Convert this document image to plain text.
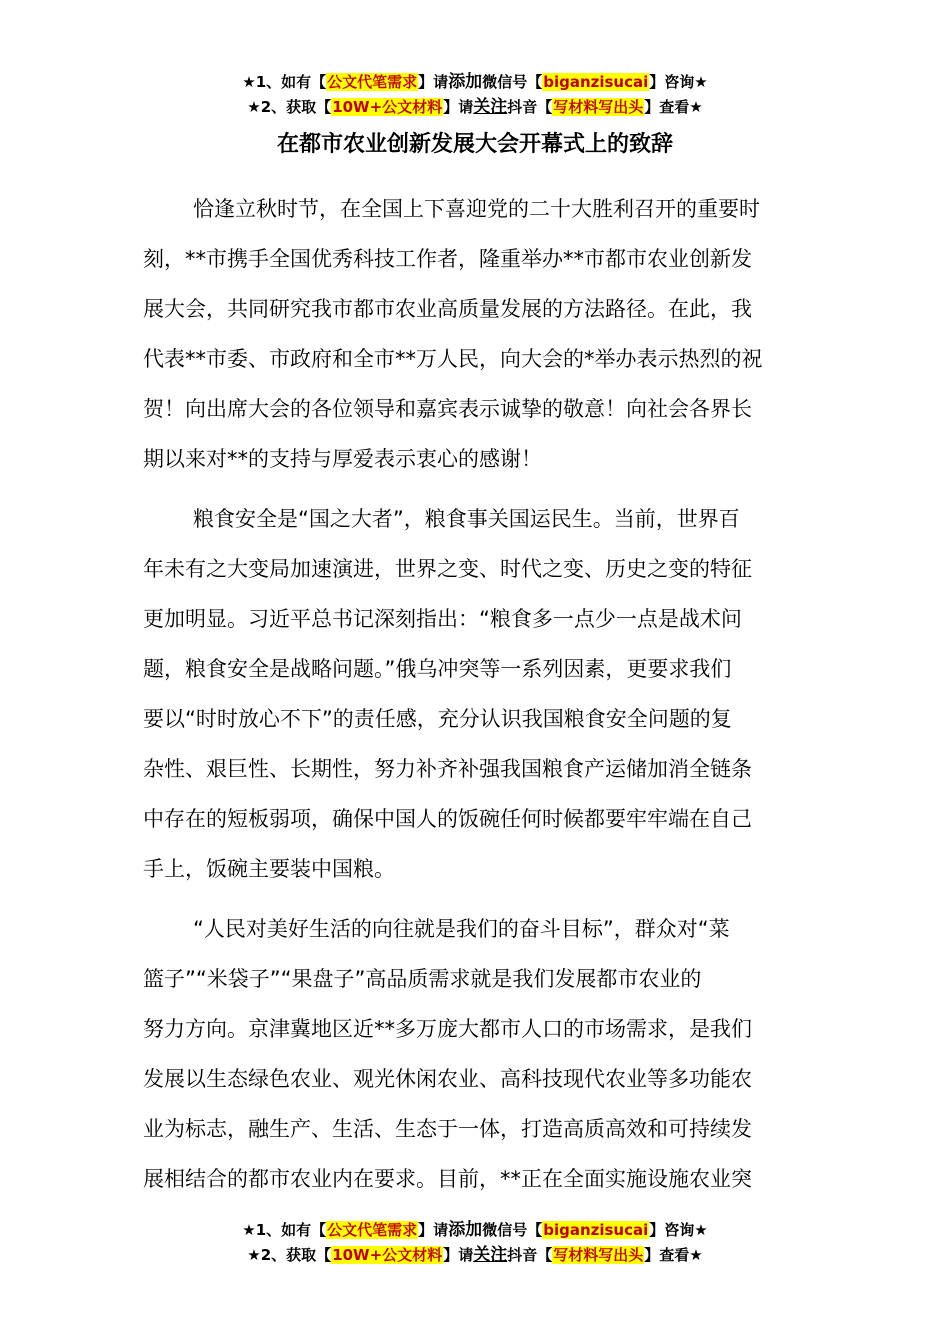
★1、如有【公文代笔需求】请添加微信号【biganzisucai】咨询★
★2、获取【10W+公文材料】请关注抖音【写材料写出头】查看★
在都市农业创新发展大会开幕式上的致辞
恰逢立秋时节，在全国上下喜迎党的二十大胜利召开的重要时
刻，**市携手全国优秀科技工作者，隆重举办**市都市农业创新发
展大会，共同研究我市都市农业高质量发展的方法路径。在此，我
代表**市委、市政府和全市**万人民，向大会的*举办表示热烈的祝
贺！向出席大会的各位领导和嘉宾表示诚挚的敬意！向社会各界长
期以来对**的支持与厚爱表示衷心的感谢！
粮食安全是“国之大者”，粮食事关国运民生。当前，世界百
年未有之大变局加速演进，世界之变、时代之变、历史之变的特征
更加明显。习近平总书记深刻指出：“粮食多一点少一点是战术问
题，粮食安全是战略问题。”俄乌冲突等一系列因素，更要求我们
要以“时时放心不下”的责任感，充分认识我国粮食安全问题的复
杂性、艰巨性、长期性，努力补齐补强我国粮食产运储加消全链条
中存在的短板弱项，确保中国人的饭碗任何时候都要牢牢端在自己
手上，饭碗主要装中国粮。
“人民对美好生活的向往就是我们的奋斗目标”，群众对“菜
篮子”“米袋子”“果盘子”高品质需求就是我们发展都市农业的
努力方向。京津冀地区近**多万庞大都市人口的市场需求，是我们
发展以生态绿色农业、观光休闲农业、高科技现代农业等多功能农
业为标志，融生产、生活、生态于一体，打造高质高效和可持续发
展相结合的都市农业内在要求。目前，**正在全面实施设施农业突
★1、如有【公文代笔需求】请添加微信号【biganzisucai】咨询★
★2、获取【10W+公文材料】请关注抖音【写材料写出头】查看★
